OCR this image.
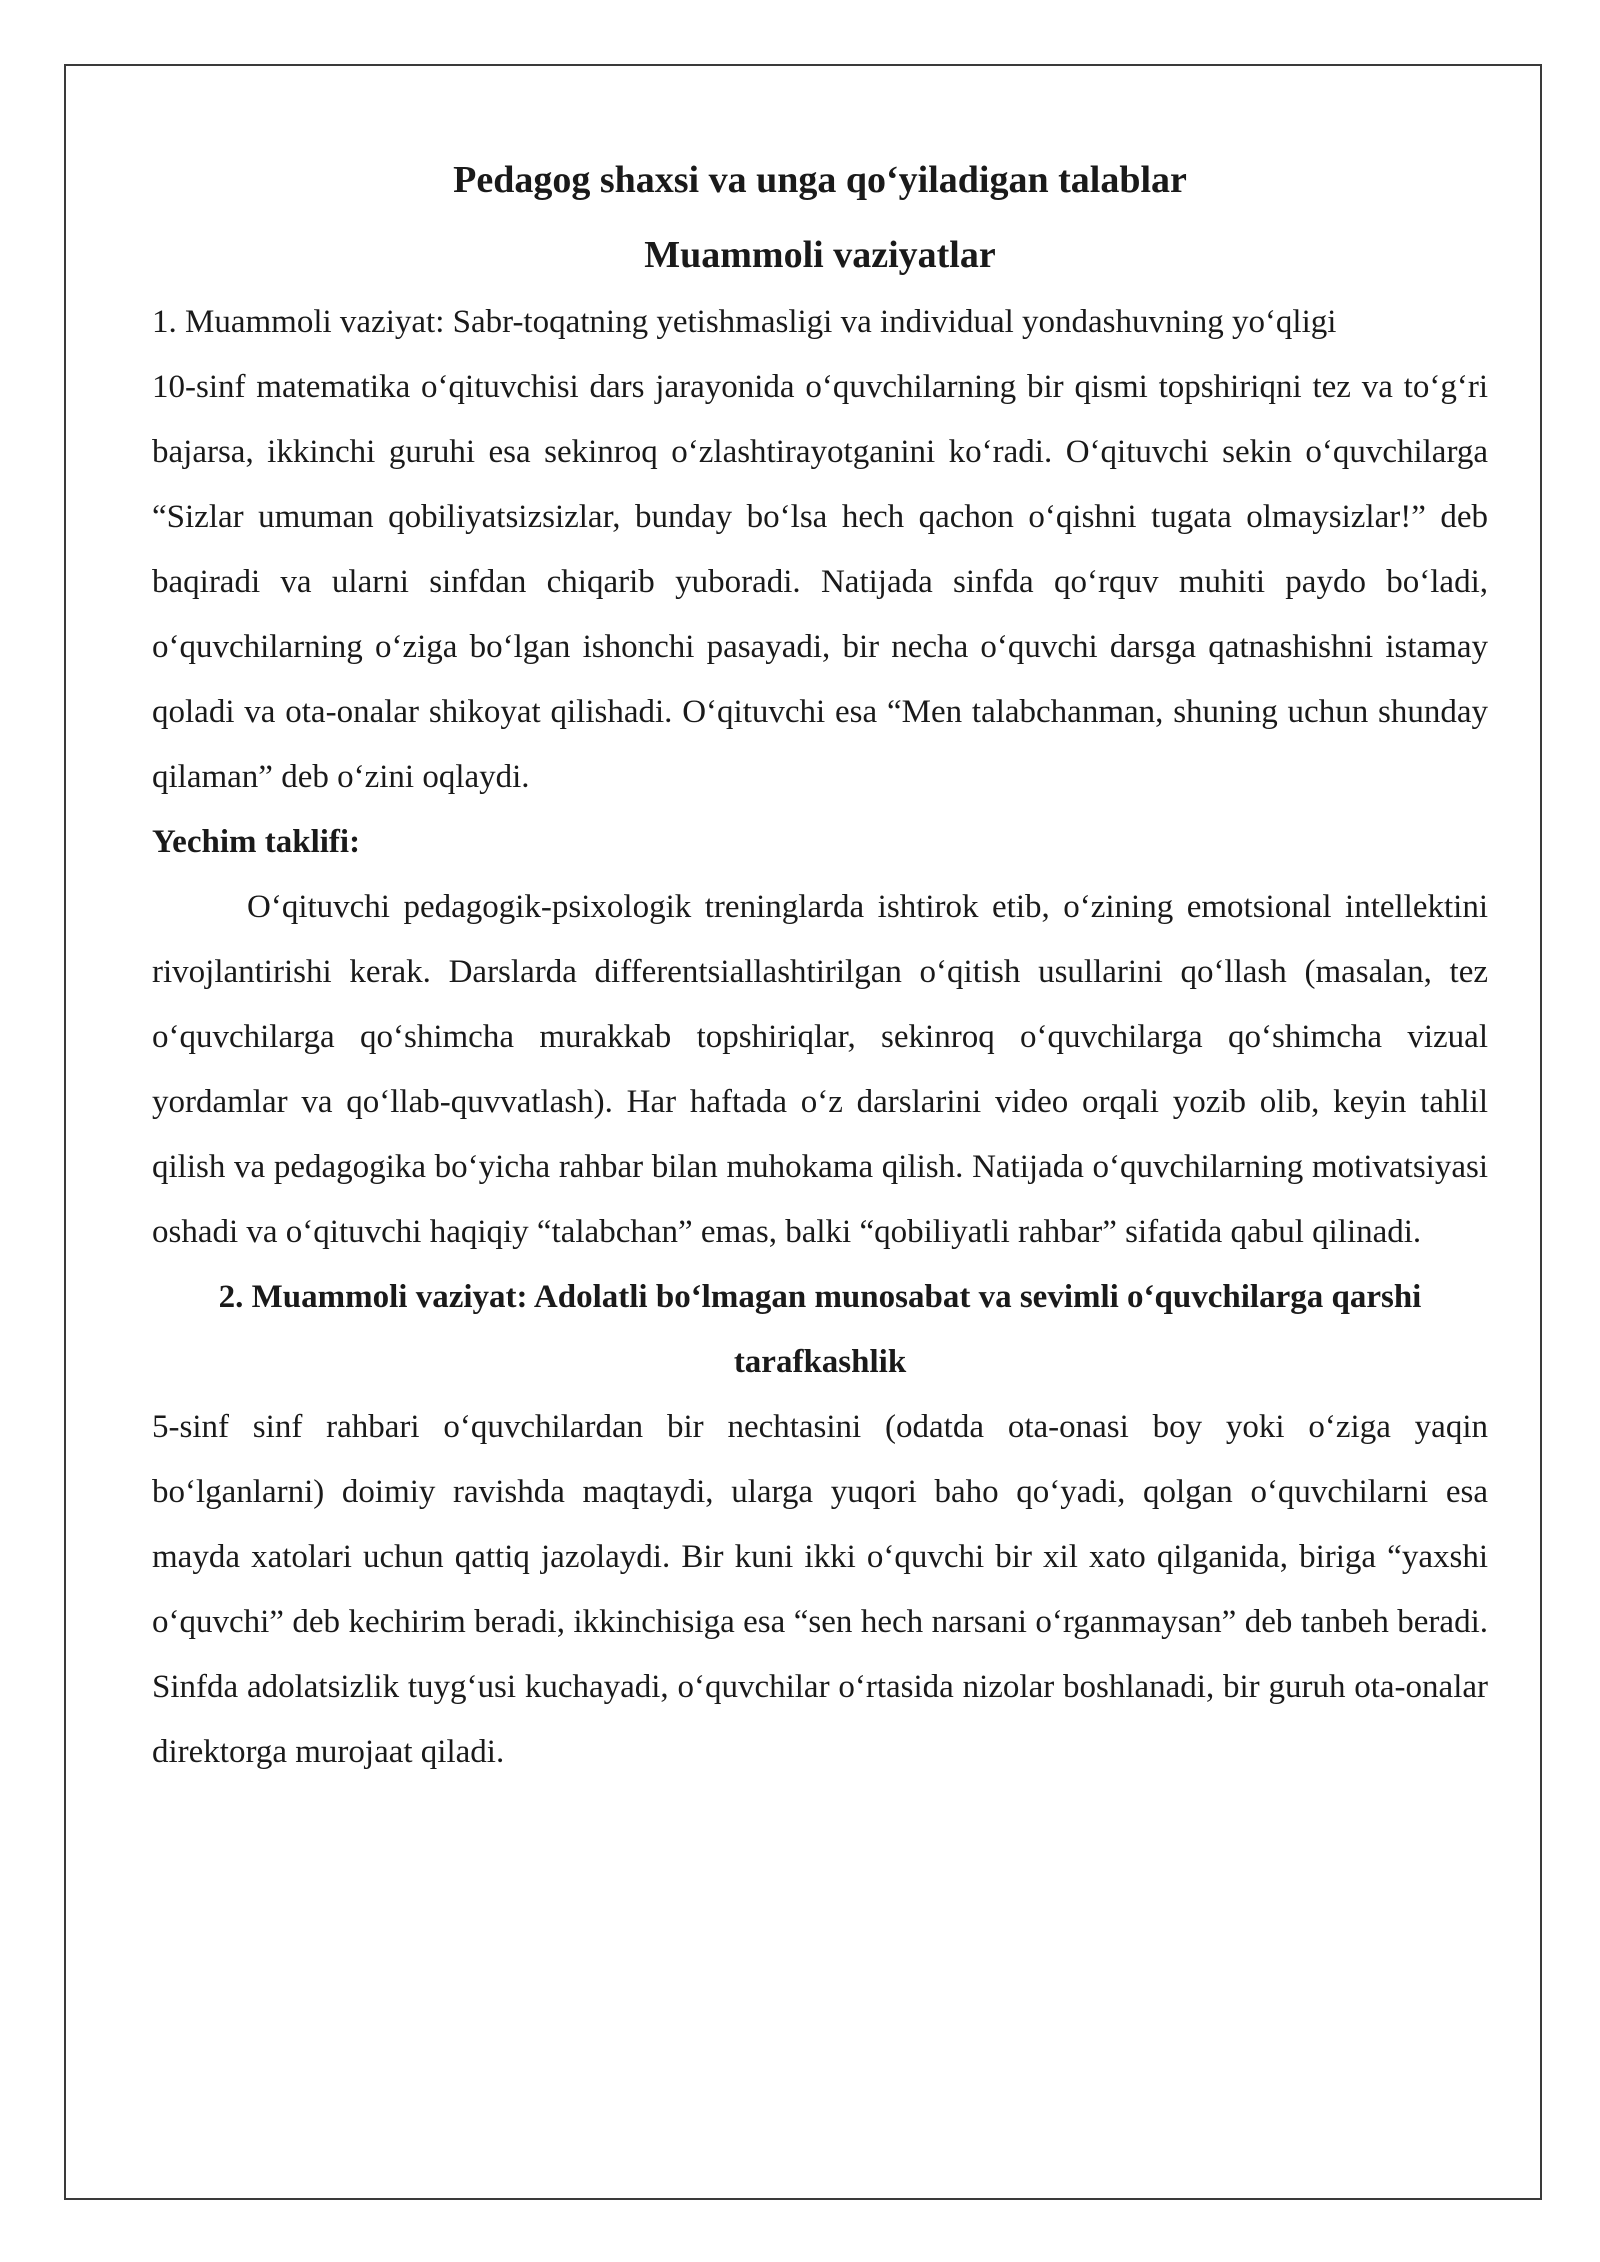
Pedagog shaxsi va unga qo‘yiladigan talablar
Muammoli vaziyatlar

1. Muammoli vaziyat: Sabr-toqatning yetishmasligi va individual yondashuvning yo‘qligi

10-sinf matematika o‘qituvchisi dars jarayonida o‘quvchilarning bir qismi topshiriqni tez va to‘g‘ri bajarsa, ikkinchi guruhi esa sekinroq o‘zlashtirayotganini ko‘radi. O‘qituvchi sekin o‘quvchilarga “Sizlar umuman qobiliyatsizsizlar, bunday bo‘lsa hech qachon o‘qishni tugata olmaysizlar!” deb baqiradi va ularni sinfdan chiqarib yuboradi. Natijada sinfda qo‘rquv muhiti paydo bo‘ladi, o‘quvchilarning o‘ziga bo‘lgan ishonchi pasayadi, bir necha o‘quvchi darsga qatnashishni istamay qoladi va ota-onalar shikoyat qilishadi. O‘qituvchi esa “Men talabchanman, shuning uchun shunday qilaman” deb o‘zini oqlaydi.

Yechim taklifi:

O‘qituvchi pedagogik-psixologik treninglarda ishtirok etib, o‘zining emotsional intellektini rivojlantirishi kerak. Darslarda differentsiallashtirilgan o‘qitish usullarini qo‘llash (masalan, tez o‘quvchilarga qo‘shimcha murakkab topshiriqlar, sekinroq o‘quvchilarga qo‘shimcha vizual yordamlar va qo‘llab-quvvatlash). Har haftada o‘z darslarini video orqali yozib olib, keyin tahlil qilish va pedagogika bo‘yicha rahbar bilan muhokama qilish. Natijada o‘quvchilarning motivatsiyasi oshadi va o‘qituvchi haqiqiy “talabchan” emas, balki “qobiliyatli rahbar” sifatida qabul qilinadi.

2. Muammoli vaziyat: Adolatli bo‘lmagan munosabat va sevimli o‘quvchilarga qarshi tarafkashlik

5-sinf sinf rahbari o‘quvchilardan bir nechtasini (odatda ota-onasi boy yoki o‘ziga yaqin bo‘lganlarni) doimiy ravishda maqtaydi, ularga yuqori baho qo‘yadi, qolgan o‘quvchilarni esa mayda xatolari uchun qattiq jazolaydi. Bir kuni ikki o‘quvchi bir xil xato qilganida, biriga “yaxshi o‘quvchi” deb kechirim beradi, ikkinchisiga esa “sen hech narsani o‘rganmaysan” deb tanbeh beradi. Sinfda adolatsizlik tuyg‘usi kuchayadi, o‘quvchilar o‘rtasida nizolar boshlanadi, bir guruh ota-onalar direktorga murojaat qiladi.
